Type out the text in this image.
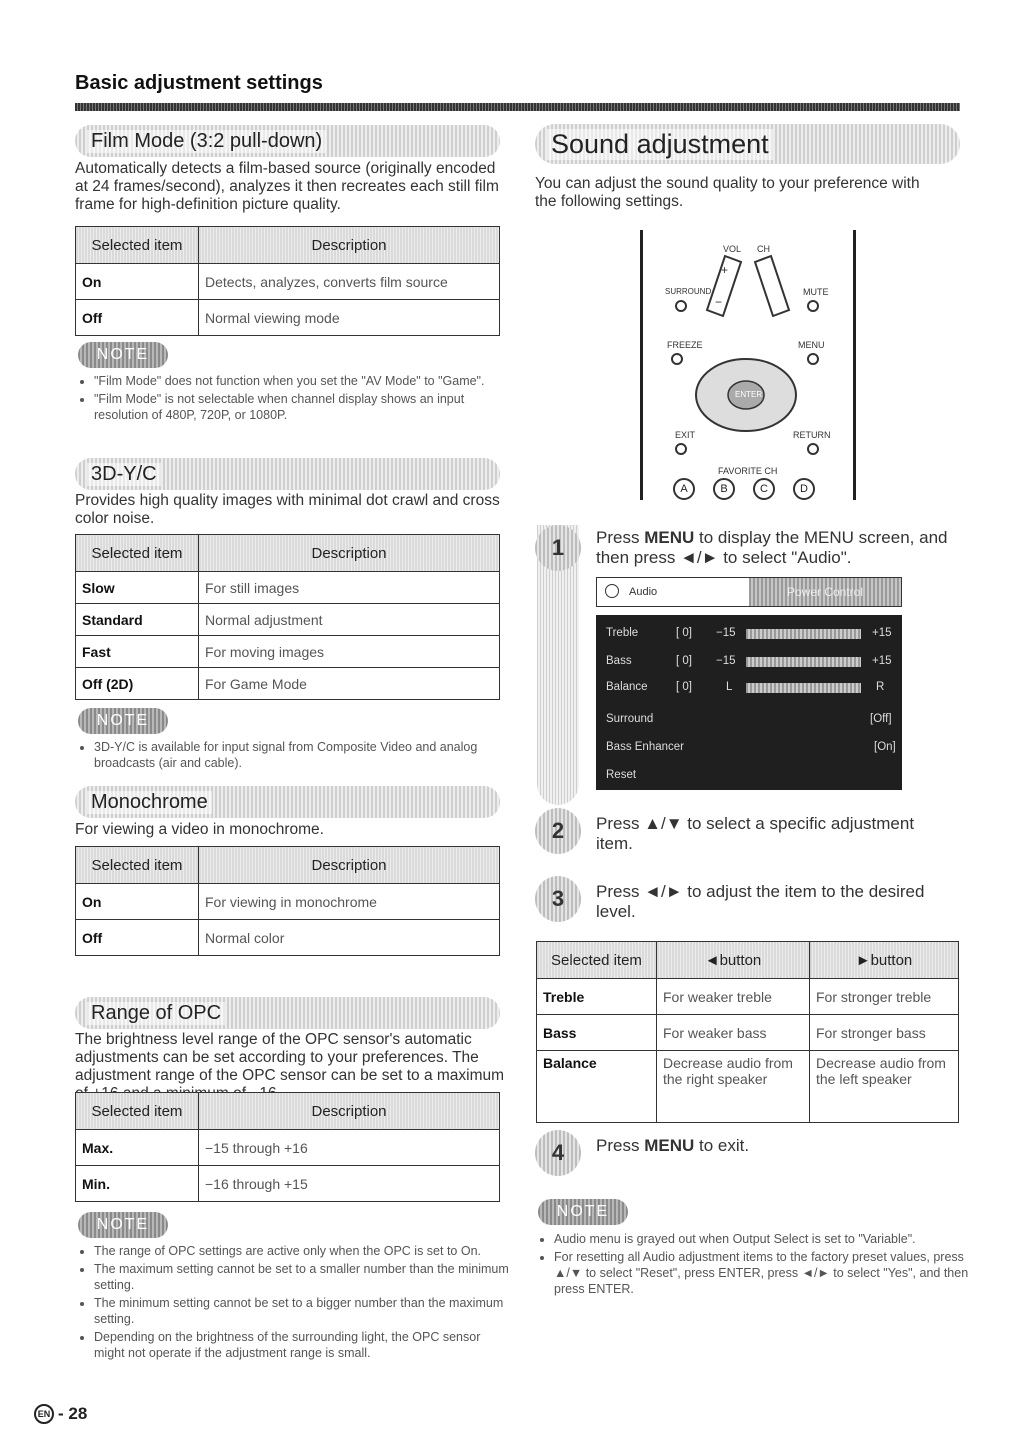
Basic adjustment settings
Film Mode (3:2 pull-down)
Automatically detects a film-based source (originally encoded at 24 frames/second), analyzes it then recreates each still film frame for high-definition picture quality.
Selected item	Description
On	Detects, analyzes, converts film source
Off	Normal viewing mode
NOTE
• "Film Mode" does not function when you set the "AV Mode" to "Game".
• "Film Mode" is not selectable when channel display shows an input resolution of 480P, 720P, or 1080P.
3D-Y/C
Provides high quality images with minimal dot crawl and cross color noise.
Selected item	Description
Slow	For still images
Standard	Normal adjustment
Fast	For moving images
Off (2D)	For Game Mode
NOTE
• 3D-Y/C is available for input signal from Composite Video and analog broadcasts (air and cable).
Monochrome
For viewing a video in monochrome.
Selected item	Description
On	For viewing in monochrome
Off	Normal color
Range of OPC
The brightness level range of the OPC sensor's automatic adjustments can be set according to your preferences. The adjustment range of the OPC sensor can be set to a maximum
Selected item	Description
Max.	−15 through +16
Min.	−16 through +15
NOTE
• The range of OPC settings are active only when the OPC is set to On.
• The maximum setting cannot be set to a smaller number than the minimum setting.
• The minimum setting cannot be set to a bigger number than the maximum setting.
• Depending on the brightness of the surrounding light, the OPC sensor might not operate if the adjustment range is small.
EN - 28
Sound adjustment
You can adjust the sound quality to your preference with the following settings.
VOL CH
+
−
SURROUND	MUTE
FREEZE	MENU
ENTER
EXIT	RETURN
FAVORITE CH
A	B	C	D
1	Press MENU to display the MENU screen, and then press ◄/► to select "Audio".
Audio	Power Control
Treble	[ 0] −15	+15
Bass	[ 0] −15	+15
Balance [ 0]	L	R
Surround	[Off]
Bass Enhancer	[On]
Reset
2	Press ▲/▼ to select a specific adjustment item.
3	Press ◄/► to adjust the item to the desired level.
Selected item	◄button	►button
Treble	For weaker treble	For stronger treble
Bass	For weaker bass	For stronger bass
Balance	Decrease audio from the right speaker	Decrease audio from the left speaker
4	Press MENU to exit.
NOTE
• Audio menu is grayed out when Output Select is set to "Variable".
• For resetting all Audio adjustment items to the factory preset values, press ▲/▼ to select "Reset", press ENTER, press ◄/► to select "Yes", and then press ENTER.
